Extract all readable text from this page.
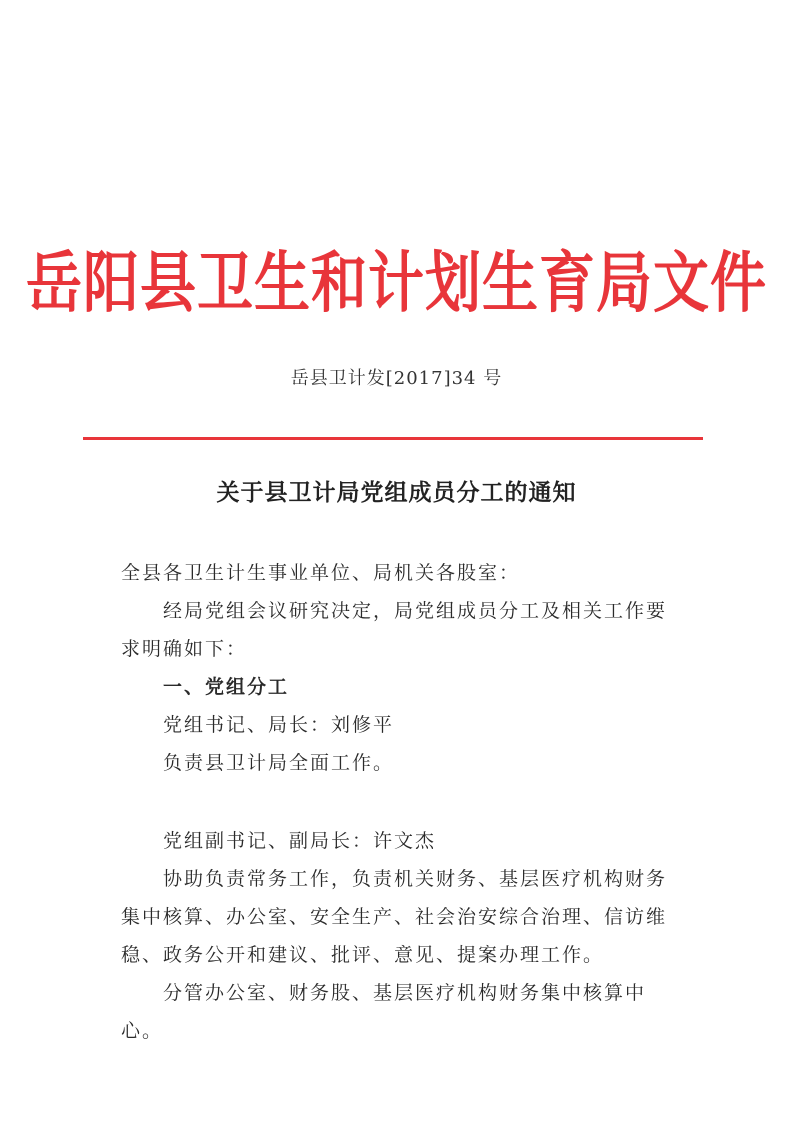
岳阳县卫生和计划生育局文件
岳县卫计发[2017]34 号
关于县卫计局党组成员分工的通知

全县各卫生计生事业单位、局机关各股室：

经局党组会议研究决定，局党组成员分工及相关工作要

求明确如下：

一、党组分工

党组书记、局长：刘修平

负责县卫计局全面工作。

党组副书记、副局长：许文杰

协助负责常务工作，负责机关财务、基层医疗机构财务

集中核算、办公室、安全生产、社会治安综合治理、信访维

稳、政务公开和建议、批评、意见、提案办理工作。

分管办公室、财务股、基层医疗机构财务集中核算中心。
